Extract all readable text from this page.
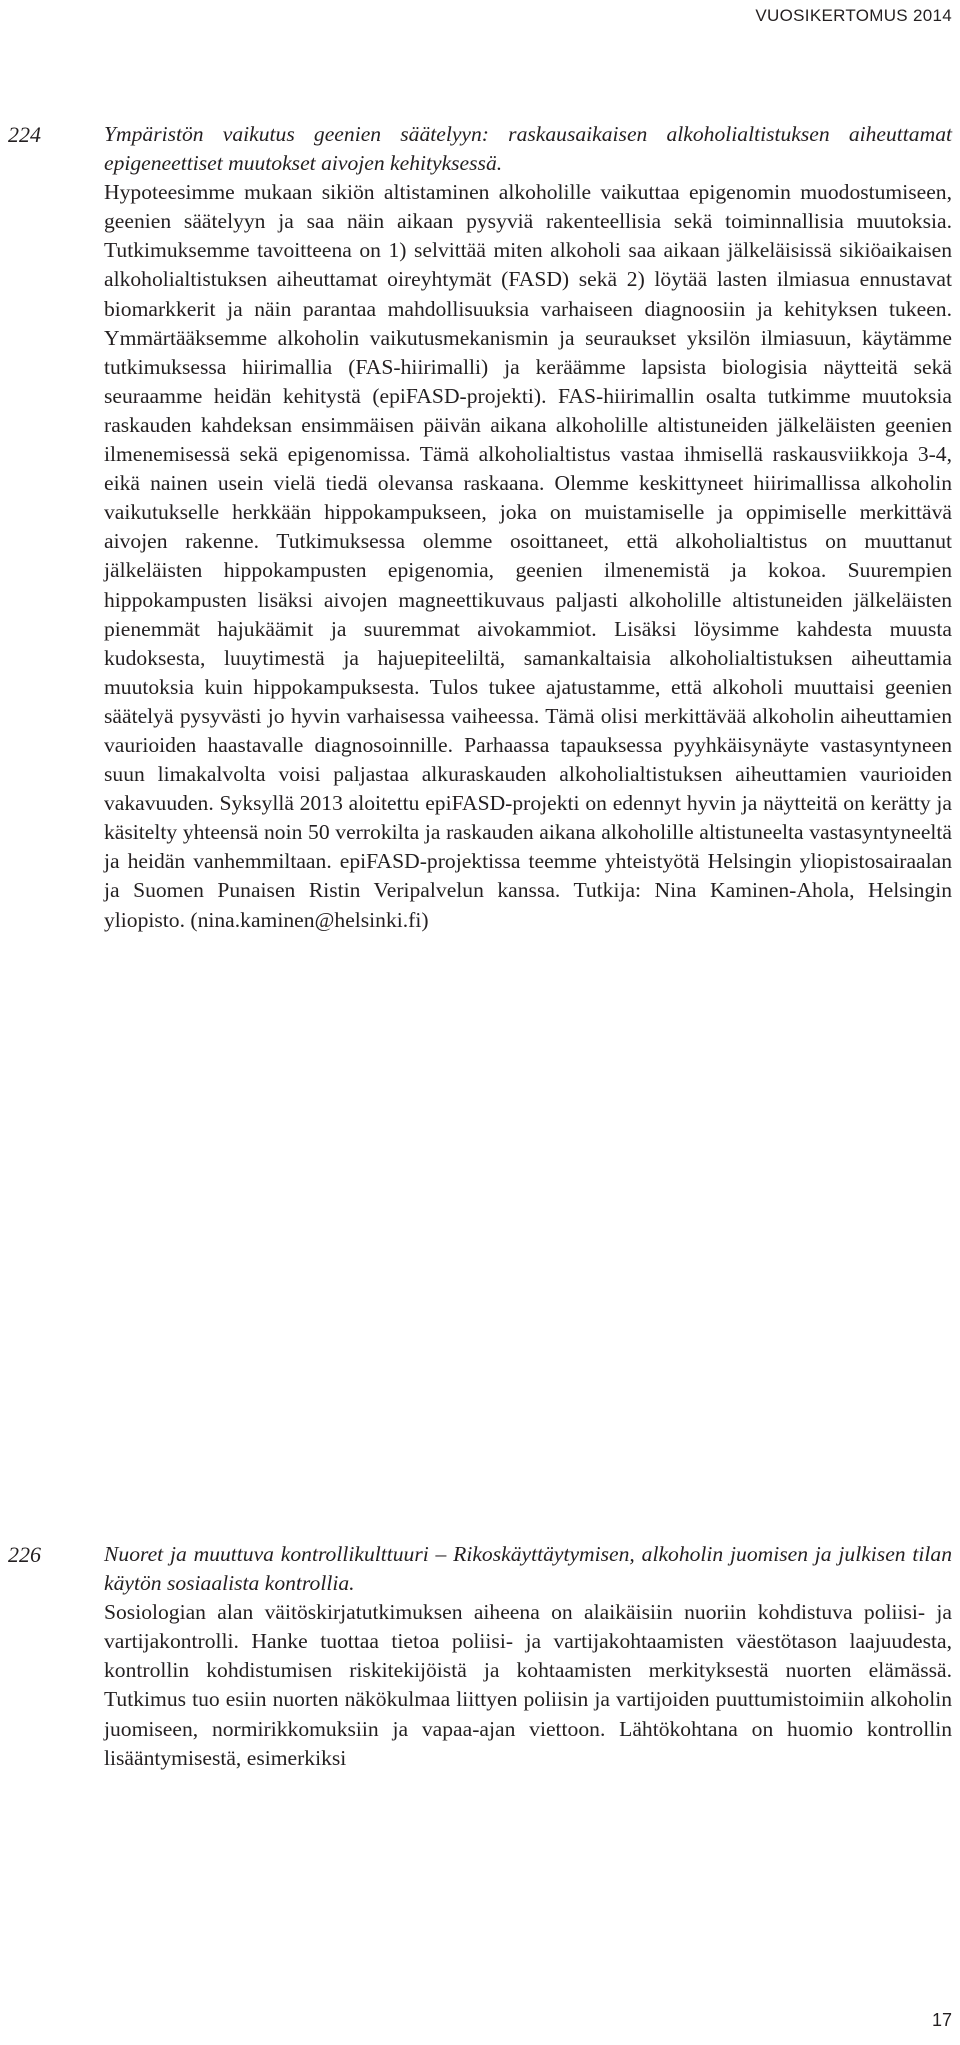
VUOSIKERTOMUS 2014
224	Ympäristön vaikutus geenien säätelyyn: raskausaikaisen alkoholialtistuksen aiheuttamat epigeneettiset muutokset aivojen kehityksessä.

Hypoteesimme mukaan sikiön altistaminen alkoholille vaikuttaa epigenomin muodostumiseen, geenien säätelyyn ja saa näin aikaan pysyviä rakenteellisia sekä toiminnallisia muutoksia. Tutkimuksemme tavoitteena on 1) selvittää miten alkoholi saa aikaan jälkeläisissä sikiöaikaisen alkoholialtistuksen aiheuttamat oireyhtymät (FASD) sekä 2) löytää lasten ilmiasua ennustavat biomarkkerit ja näin parantaa mahdollisuuksia varhaiseen diagnoosiin ja kehityksen tukeen. Ymmärtääksemme alkoholin vaikutusmekanismin ja seuraukset yksilön ilmiasuun, käytämme tutkimuksessa hiirimallia (FAS-hiirimalli) ja keräämme lapsista biologisia näytteitä sekä seuraamme heidän kehitystä (epiFASD-projekti). FAS-hiirimallin osalta tutkimme muutoksia raskauden kahdeksan ensimmäisen päivän aikana alkoholille altistuneiden jälkeläisten geenien ilmenemisessä sekä epigenomissa. Tämä alkoholialtistus vastaa ihmisellä raskausviikkoja 3-4, eikä nainen usein vielä tiedä olevansa raskaana. Olemme keskittyneet hiirimallissa alkoholin vaikutukselle herkkään hippokampukseen, joka on muistamiselle ja oppimiselle merkittävä aivojen rakenne. Tutkimuksessa olemme osoittaneet, että alkoholialtistus on muuttanut jälkeläisten hippokampusten epigenomia, geenien ilmenemistä ja kokoa. Suurempien hippokampusten lisäksi aivojen magneettikuvaus paljasti alkoholille altistuneiden jälkeläisten pienemmät hajukäämit ja suuremmat aivokammiot. Lisäksi löysimme kahdesta muusta kudoksesta, luuytimestä ja hajuepiteeliltä, samankaltaisia alkoholialtistuksen aiheuttamia muutoksia kuin hippokampuksesta. Tulos tukee ajatustamme, että alkoholi muuttaisi geenien säätelyä pysyvästi jo hyvin varhaisessa vaiheessa. Tämä olisi merkittävää alkoholin aiheuttamien vaurioiden haastavalle diagnosoinnille. Parhaassa tapauksessa pyyhkäisynäyte vastasyntyneen suun limakalvolta voisi paljastaa alkuraskauden alkoholialtistuksen aiheuttamien vaurioiden vakavuuden. Syksyllä 2013 aloitettu epiFASD-projekti on edennyt hyvin ja näytteitä on kerätty ja käsitelty yhteensä noin 50 verrokilta ja raskauden aikana alkoholille altistuneelta vastasyntyneeltä ja heidän vanhemmiltaan. epiFASD-projektissa teemme yhteistyötä Helsingin yliopistosairaalan ja Suomen Punaisen Ristin Veripalvelun kanssa. Tutkija: Nina Kaminen-Ahola, Helsingin yliopisto. (nina.kaminen@helsinki.fi)

226	Nuoret ja muuttuva kontrollikulttuuri – Rikoskäyttäytymisen, alkoholin juomisen ja julkisen tilan käytön sosiaalista kontrollia.

Sosiologian alan väitöskirjatutkimuksen aiheena on alaikäisiin nuoriin kohdistuva poliisi- ja vartijakontrolli. Hanke tuottaa tietoa poliisi- ja vartijakohtaamisten väestötason laajuudesta, kontrollin kohdistumisen riskitekijöistä ja kohtaamisten merkityksestä nuorten elämässä. Tutkimus tuo esiin nuorten näkökulmaa liittyen poliisin ja vartijoiden puuttumistoimiin alkoholin juomiseen, normirikkomuksiin ja vapaa-ajan viettoon. Lähtökohtana on huomio kontrollin lisääntymisestä, esimerkiksi

17
